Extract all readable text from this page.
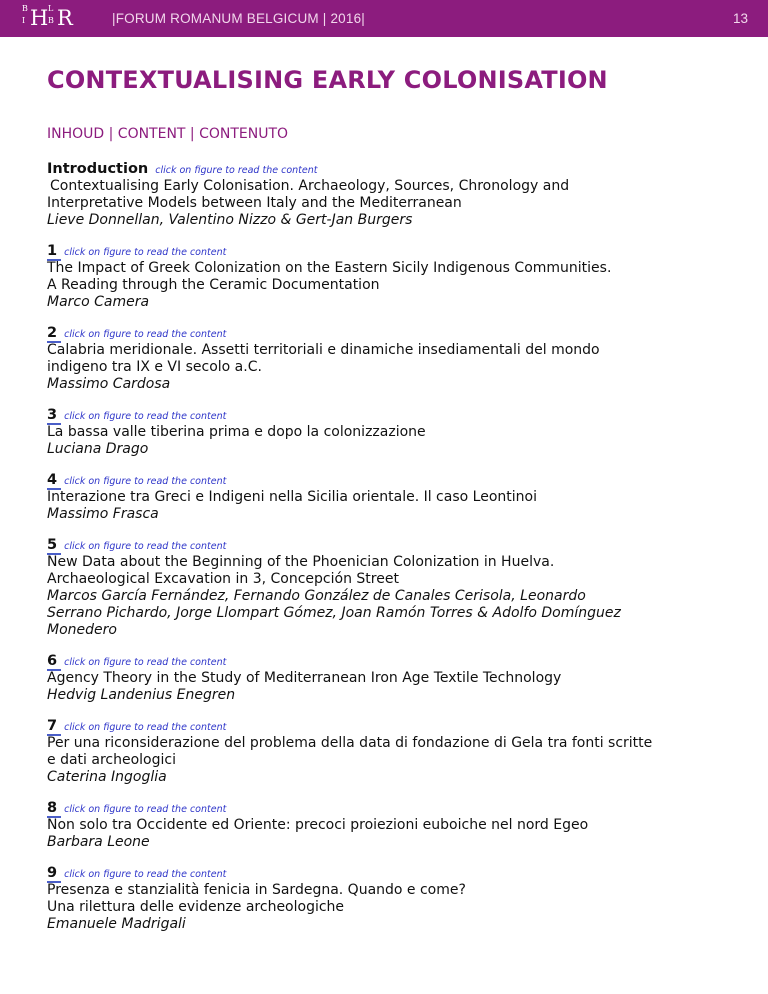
B
I H L
B R	|FORUM ROMANUM BELGICUM | 2016|	13
CONTEXTUALISING EARLY COLONISATION
INHOUD | CONTENT | CONTENUTO
Introduction click on figure to read the content
Contextualising Early Colonisation. Archaeology, Sources, Chronology and
Interpretative Models between Italy and the Mediterranean
Lieve Donnellan, Valentino Nizzo & Gert-Jan Burgers
1 click on figure to read the content
The Impact of Greek Colonization on the Eastern Sicily Indigenous Communities.
A Reading through the Ceramic Documentation
Marco Camera
2 click on figure to read the content
Calabria meridionale. Assetti territoriali e dinamiche insediamentali del mondo
indigeno tra IX e VI secolo a.C.
Massimo Cardosa
3 click on figure to read the content
La bassa valle tiberina prima e dopo la colonizzazione
Luciana Drago
4 click on figure to read the content
Interazione tra Greci e Indigeni nella Sicilia orientale. Il caso Leontinoi
Massimo Frasca
5 click on figure to read the content
New Data about the Beginning of the Phoenician Colonization in Huelva.
Archaeological Excavation in 3, Concepción Street
Marcos García Fernández, Fernando González de Canales Cerisola, Leonardo
Serrano Pichardo, Jorge Llompart Gómez, Joan Ramón Torres & Adolfo Domínguez
Monedero
6 click on figure to read the content
Agency Theory in the Study of Mediterranean Iron Age Textile Technology
Hedvig Landenius Enegren
7 click on figure to read the content
Per una riconsiderazione del problema della data di fondazione di Gela tra fonti scritte
e dati archeologici
Caterina Ingoglia
8 click on figure to read the content
Non solo tra Occidente ed Oriente: precoci proiezioni euboiche nel nord Egeo
Barbara Leone
9 click on figure to read the content
Presenza e stanzialità fenicia in Sardegna. Quando e come?
Una rilettura delle evidenze archeologiche
Emanuele Madrigali
